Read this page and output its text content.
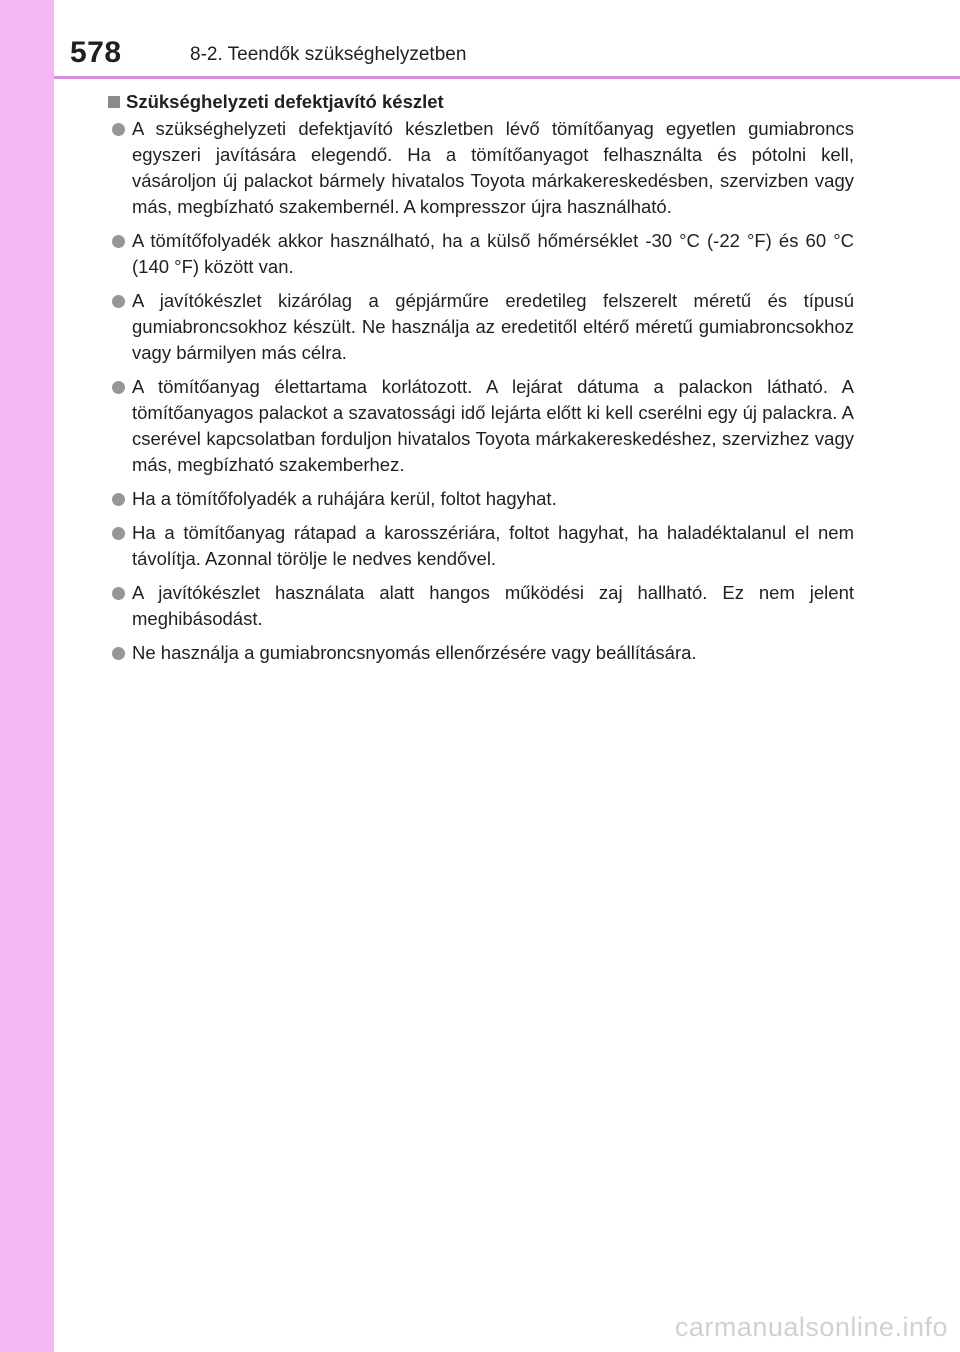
578	8-2. Teendők szükséghelyzetben
Szükséghelyzeti defektjavító készlet
A szükséghelyzeti defektjavító készletben lévő tömítőanyag egyetlen gumiabroncs egyszeri javítására elegendő. Ha a tömítőanyagot felhasználta és pótolni kell, vásároljon új palackot bármely hivatalos Toyota márkakereskedésben, szervizben vagy más, megbízható szakembernél. A kompresszor újra használható.
A tömítőfolyadék akkor használható, ha a külső hőmérséklet -30 °C (-22 °F) és 60 °C (140 °F) között van.
A javítókészlet kizárólag a gépjárműre eredetileg felszerelt méretű és típusú gumiabroncsokhoz készült. Ne használja az eredetitől eltérő méretű gumiabroncsokhoz vagy bármilyen más célra.
A tömítőanyag élettartama korlátozott. A lejárat dátuma a palackon látható. A tömítőanyagos palackot a szavatossági idő lejárta előtt ki kell cserélni egy új palackra. A cserével kapcsolatban forduljon hivatalos Toyota márkakereskedéshez, szervizhez vagy más, megbízható szakemberhez.
Ha a tömítőfolyadék a ruhájára kerül, foltot hagyhat.
Ha a tömítőanyag rátapad a karosszériára, foltot hagyhat, ha haladéktalanul el nem távolítja. Azonnal törölje le nedves kendővel.
A javítókészlet használata alatt hangos működési zaj hallható. Ez nem jelent meghibásodást.
Ne használja a gumiabroncsnyomás ellenőrzésére vagy beállítására.
carmanualsonline.info
